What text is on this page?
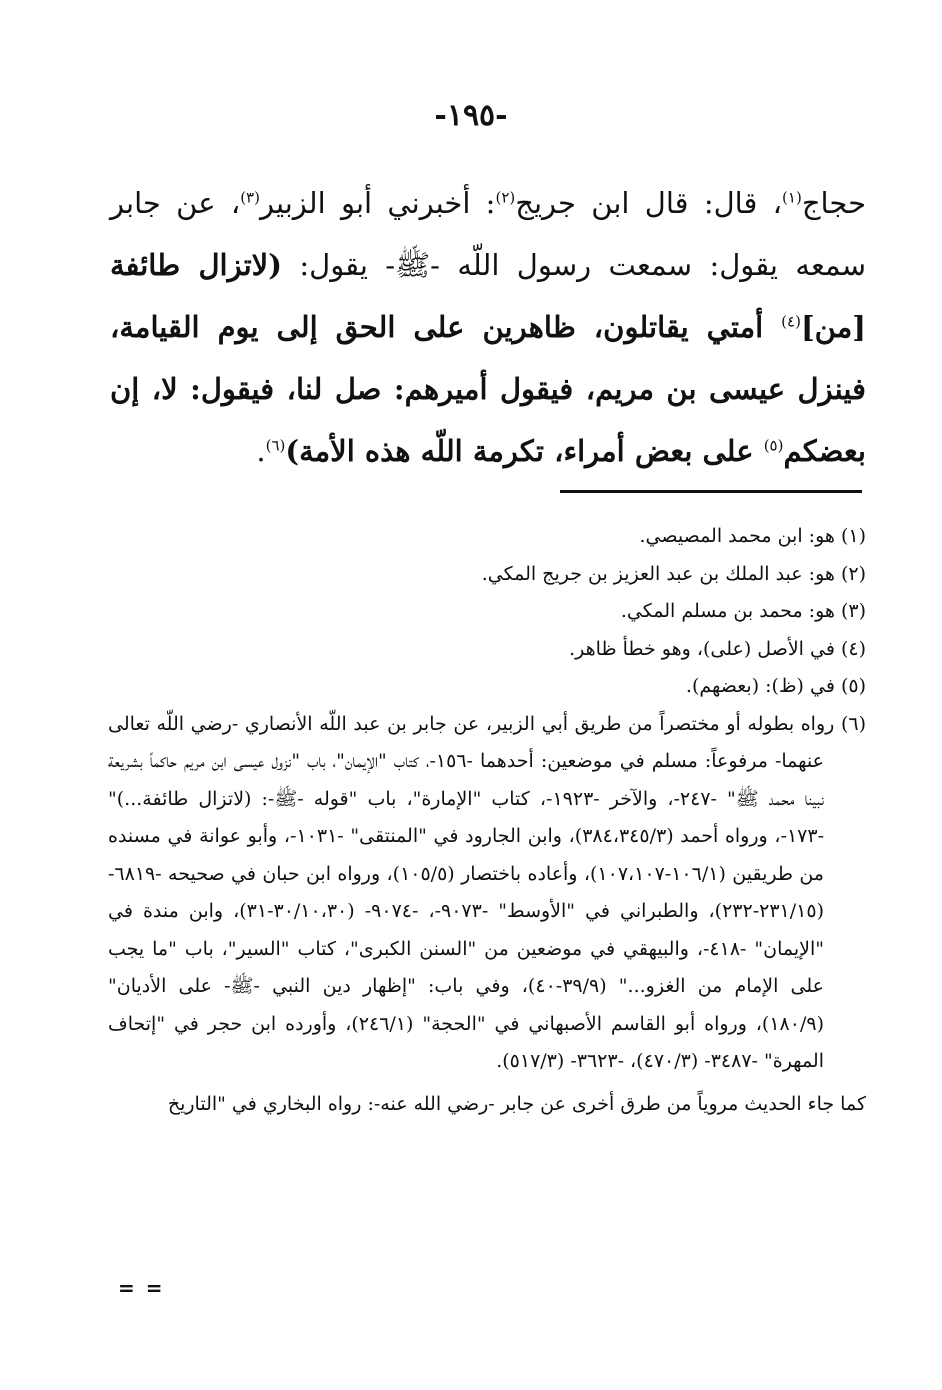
-١٩٥-
حجاج$^{(١)}$، قال: قال ابن جريج$^{(٢)}$: أخبرني أبو الزبير$^{(٣)}$، عن جابر سمعه يقول: سمعت رسول اللّه -ﷺ- يقول: (لاتزال طائفة [من]$^{(٤)}$ أمتي يقاتلون، ظاهرين على الحق إلى يوم القيامة، فينزل عيسى بن مريم، فيقول أميرهم: صل لنا، فيقول: لا، إن بعضكم$^{(٥)}$ على بعض أمراء، تكرمة اللّه هذه الأمة)$^{(٦)}$.

(١) هو: ابن محمد المصيصي.

(٢) هو: عبد الملك بن عبد العزيز بن جريج المكي.

(٣) هو: محمد بن مسلم المكي.

(٤) في الأصل (على)، وهو خطأ ظاهر.

(٥) في (ظ): (بعضهم).

(٦) رواه بطوله أو مختصراً من طريق أبي الزبير، عن جابر بن عبد اللّه الأنصاري -رضي اللّه تعالى عنهما- مرفوعاً: مسلم في موضعين: أحدهما -١٥٦-، كتاب "الإيمان"، باب "نزول عيسى ابن مريم حاكماً بشريعة نبينا محمد ﷺ" -٢٤٧-، والآخر -١٩٢٣-، كتاب "الإمارة"، باب "قوله -ﷺ-: (لاتزال طائفة...)" -١٧٣-، ورواه أحمد (٣٨٤،٣٤٥/٣)، وابن الجارود في "المنتقى" -١٠٣١-، وأبو عوانة في مسنده من طريقين (١٠٦/١-١٠٧،١٠٧)، وأعاده باختصار (١٠٥/٥)، ورواه ابن حبان في صحيحه -٦٨١٩- (٢٣١/١٥-٢٣٢)، والطبراني في "الأوسط" -٩٠٧٣-، -٩٠٧٤- (٣٠/١٠،٣٠-٣١)، وابن مندة في "الإيمان" -٤١٨-، والبيهقي في موضعين من "السنن الكبرى"، كتاب "السير"، باب "ما يجب على الإمام من الغزو..." (٣٩/٩-٤٠)، وفي باب: "إظهار دين النبي -ﷺ- على الأديان" (١٨٠/٩)، ورواه أبو القاسم الأصبهاني في "الحجة" (٢٤٦/١)، وأورده ابن حجر في "إتحاف المهرة" -٣٤٨٧- (٤٧٠/٣)، -٣٦٢٣- (٥١٧/٣).

كما جاء الحديث مروياً من طرق أخرى عن جابر -رضي الله عنه-: رواه البخاري في "التاريخ

= =
